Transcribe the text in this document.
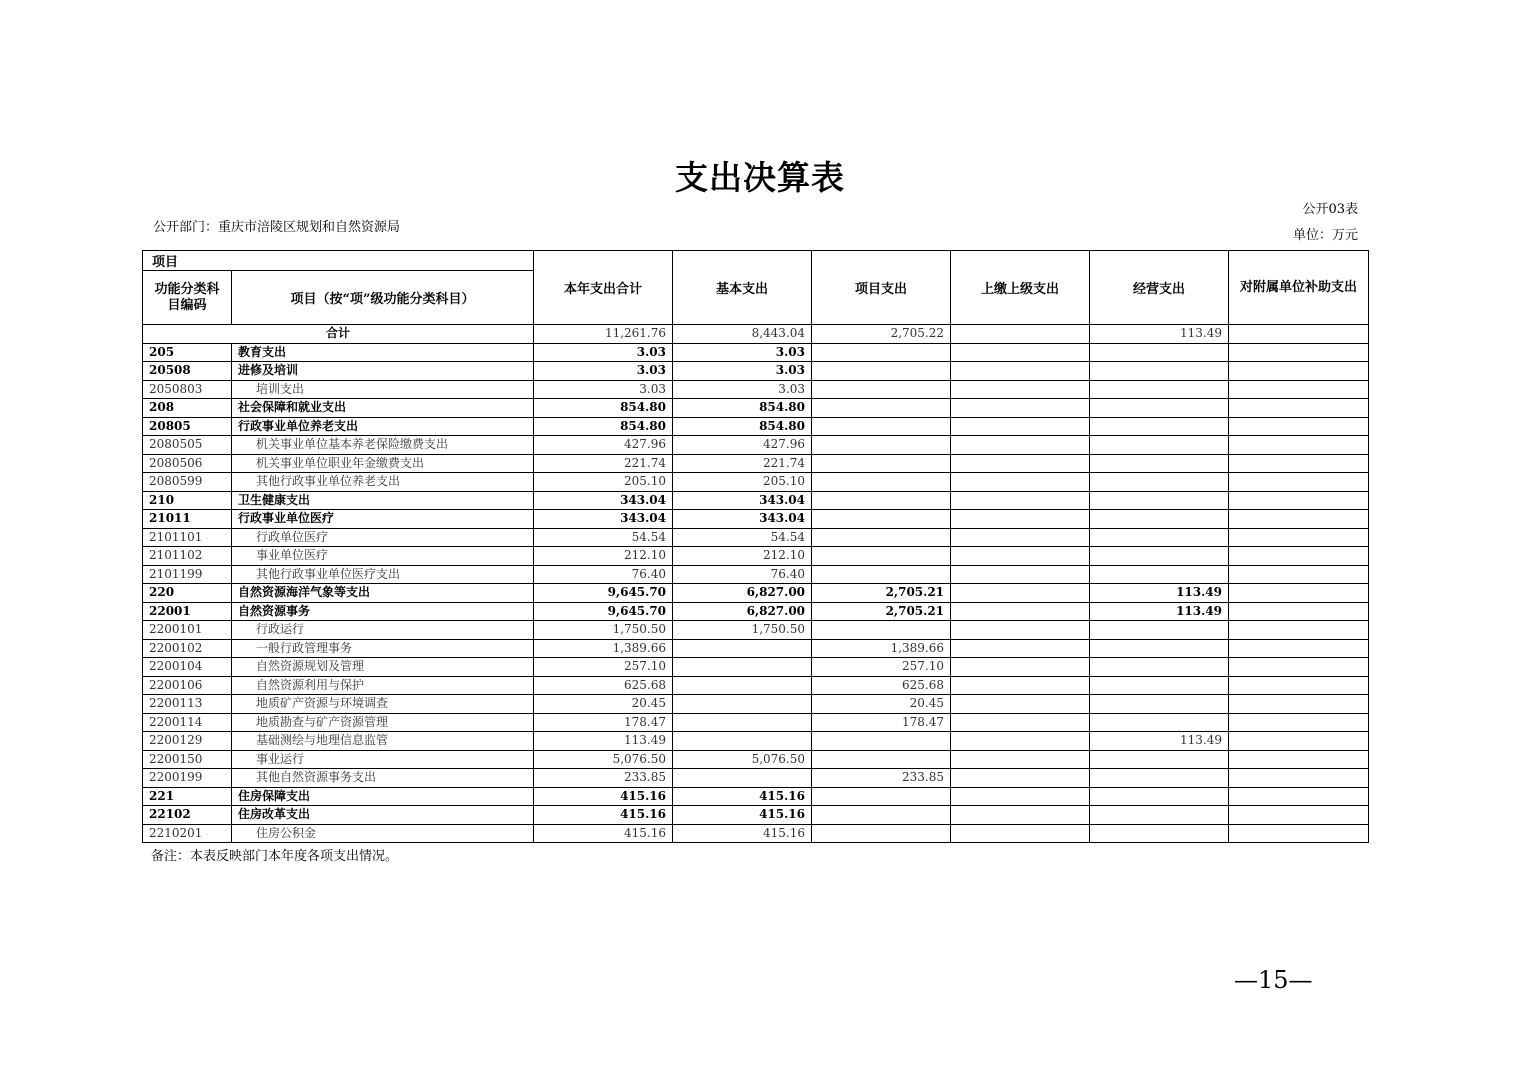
支出决算表
公开03表
公开部门：重庆市涪陵区规划和自然资源局
单位：万元
项目		本年支出合计	基本支出	项目支出	上缴上级支出	经营支出	对附属单位补助支出
功能分类科目编码	项目（按“项”级功能分类科目）						
合计		11,261.76	8,443.04	2,705.22		113.49	
205	教育支出	3.03	3.03				
20508	进修及培训	3.03	3.03				
2050803	培训支出	3.03	3.03				
208	社会保障和就业支出	854.80	854.80				
20805	行政事业单位养老支出	854.80	854.80				
2080505	机关事业单位基本养老保险缴费支出	427.96	427.96				
2080506	机关事业单位职业年金缴费支出	221.74	221.74				
2080599	其他行政事业单位养老支出	205.10	205.10				
210	卫生健康支出	343.04	343.04				
21011	行政事业单位医疗	343.04	343.04				
2101101	行政单位医疗	54.54	54.54				
2101102	事业单位医疗	212.10	212.10				
2101199	其他行政事业单位医疗支出	76.40	76.40				
220	自然资源海洋气象等支出	9,645.70	6,827.00	2,705.21		113.49	
22001	自然资源事务	9,645.70	6,827.00	2,705.21		113.49	
2200101	行政运行	1,750.50	1,750.50				
2200102	一般行政管理事务	1,389.66		1,389.66			
2200104	自然资源规划及管理	257.10		257.10			
2200106	自然资源利用与保护	625.68		625.68			
2200113	地质矿产资源与环境调查	20.45		20.45			
2200114	地质勘查与矿产资源管理	178.47		178.47			
2200129	基础测绘与地理信息监管	113.49				113.49	
2200150	事业运行	5,076.50	5,076.50				
2200199	其他自然资源事务支出	233.85		233.85			
221	住房保障支出	415.16	415.16				
22102	住房改革支出	415.16	415.16				
2210201	住房公积金	415.16	415.16				
备注：本表反映部门本年度各项支出情况。
—15—
